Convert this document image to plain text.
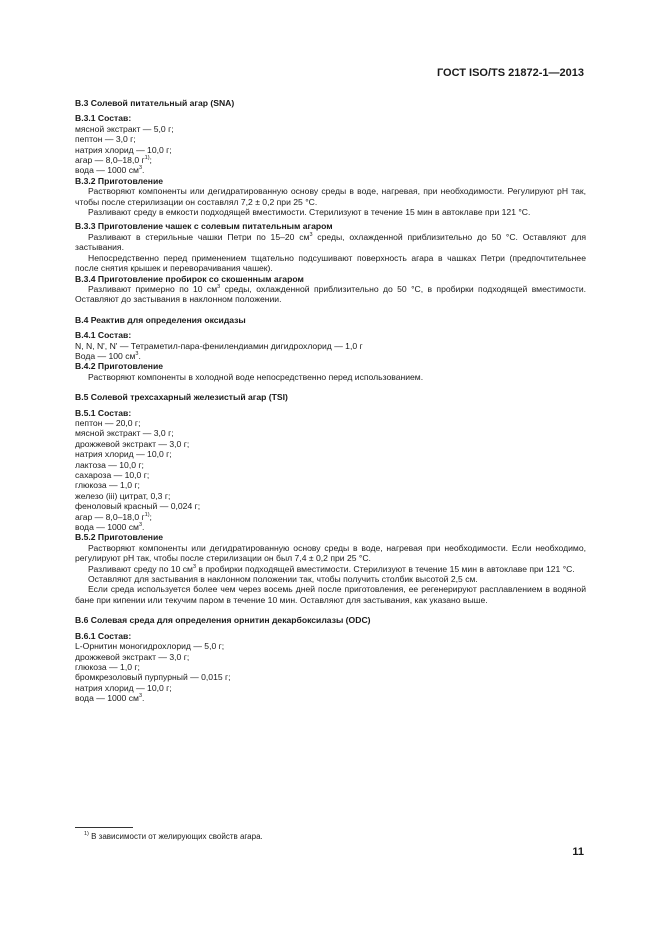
ГОСТ ISO/TS 21872-1—2013
В.3 Солевой питательный агар (SNA)
В.3.1 Состав:
мясной экстракт — 5,0 г;
пептон — 3,0 г;
натрия хлорид — 10,0 г;
агар — 8,0–18,0 $г^{1)}$;
вода — 1000 $см^3$.
В.3.2 Приготовление
Растворяют компоненты или дегидратированную основу среды в воде, нагревая, при необходимости. Регулируют pH так, чтобы после стерилизации он составлял 7,2 ± 0,2 при 25 °С.
Разливают среду в емкости подходящей вместимости. Стерилизуют в течение 15 мин в автоклаве при 121 °С.
В.3.3 Приготовление чашек с солевым питательным агаром
Разливают в стерильные чашки Петри по 15–20 $см^3$ среды, охлажденной приблизительно до 50 °С. Оставляют для застывания.
Непосредственно перед применением тщательно подсушивают поверхность агара в чашках Петри (предпочтительнее после снятия крышек и переворачивания чашек).
В.3.4 Приготовление пробирок со скошенным агаром
Разливают примерно по 10 $см^3$ среды, охлажденной приблизительно до 50 °С, в пробирки подходящей вместимости. Оставляют до застывания в наклонном положении.
В.4 Реактив для определения оксидазы
В.4.1 Состав:
N, N, N', N' — Тетраметил-пара-фенилендиамин дигидрохлорид — 1,0 г
Вода — 100 $см^3$.
В.4.2 Приготовление
Растворяют компоненты в холодной воде непосредственно перед использованием.
В.5 Солевой трехсахарный железистый агар (TSI)
В.5.1 Состав:
пептон — 20,0 г;
мясной экстракт — 3,0 г;
дрожжевой экстракт — 3,0 г;
натрия хлорид — 10,0 г;
лактоза — 10,0 г;
сахароза — 10,0 г;
глюкоза — 1,0 г;
железо (iii) цитрат, 0,3 г;
феноловый красный — 0,024 г;
агар — 8,0–18,0 $г^{1)}$;
вода — 1000 $см^3$.
В.5.2 Приготовление
Растворяют компоненты или дегидратированную основу среды в воде, нагревая при необходимости. Если необходимо, регулируют pH так, чтобы после стерилизации он был 7,4 ± 0,2 при 25 °С.
Разливают среду по 10 $см^3$ в пробирки подходящей вместимости. Стерилизуют в течение 15 мин в автоклаве при 121 °С.
Оставляют для застывания в наклонном положении так, чтобы получить столбик высотой 2,5 см.
Если среда используется более чем через восемь дней после приготовления, ее регенерируют расплавлением в водяной бане при кипении или текучим паром в течение 10 мин. Оставляют для застывания, как указано выше.
В.6 Солевая среда для определения орнитин декарбоксилазы (ODC)
В.6.1 Состав:
L-Орнитин моногидрохлорид — 5,0 г;
дрожжевой экстракт — 3,0 г;
глюкоза — 1,0 г;
бромкрезоловый пурпурный — 0,015 г;
натрия хлорид — 10,0 г;
вода — 1000 $см^3$.
$^{1)}$ В зависимости от желирующих свойств агара.
11
